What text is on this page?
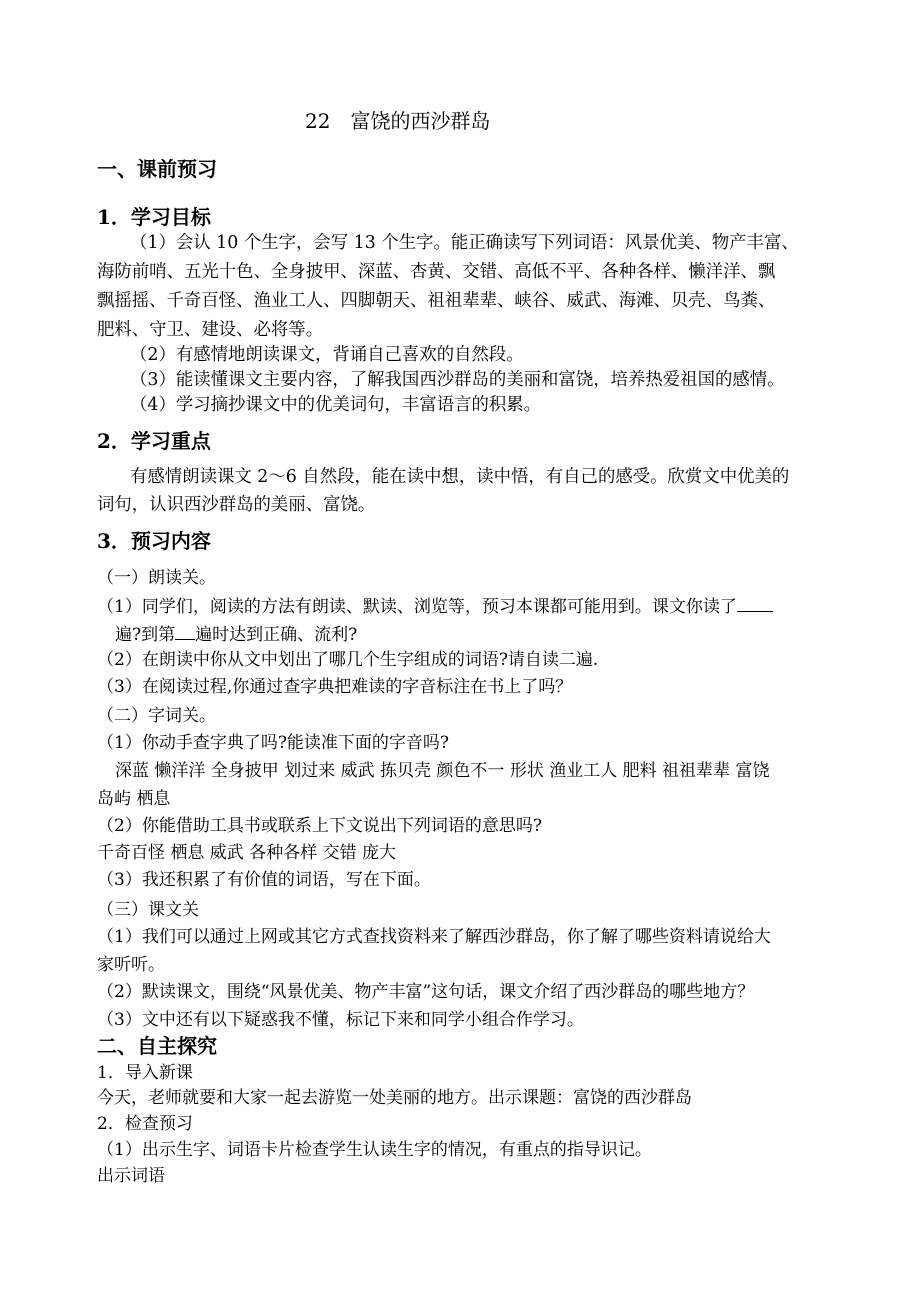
22　富饶的西沙群岛
一、课前预习
1．学习目标
（1）会认 10 个生字，会写 13 个生字。能正确读写下列词语：风景优美、物产丰富、
海防前哨、五光十色、全身披甲、深蓝、杏黄、交错、高低不平、各种各样、懒洋洋、飘
飘摇摇、千奇百怪、渔业工人、四脚朝天、祖祖辈辈、峡谷、威武、海滩、贝壳、鸟粪、
肥料、守卫、建设、必将等。
（2）有感情地朗读课文，背诵自己喜欢的自然段。
（3）能读懂课文主要内容，了解我国西沙群岛的美丽和富饶，培养热爱祖国的感情。
（4）学习摘抄课文中的优美词句，丰富语言的积累。
2．学习重点
有感情朗读课文 2～6 自然段，能在读中想，读中悟，有自己的感受。欣赏文中优美的
词句，认识西沙群岛的美丽、富饶。
3．预习内容
（一）朗读关。
（1）同学们，阅读的方法有朗读、默读、浏览等，预习本课都可能用到。课文你读了
遍?到第 遍时达到正确、流利?
（2）在朗读中你从文中划出了哪几个生字组成的词语?请自读二遍.
（3）在阅读过程,你通过查字典把难读的字音标注在书上了吗？
（二）字词关。
（1）你动手查字典了吗?能读准下面的字音吗?
深蓝 懒洋洋 全身披甲 划过来 威武 拣贝壳 颜色不一 形状 渔业工人 肥料 祖祖辈辈 富饶
岛屿 栖息
（2）你能借助工具书或联系上下文说出下列词语的意思吗?
千奇百怪 栖息 威武 各种各样 交错 庞大
（3）我还积累了有价值的词语，写在下面。
（三）课文关
（1）我们可以通过上网或其它方式查找资料来了解西沙群岛，你了解了哪些资料请说给大
家听听。
（2）默读课文，围绕“风景优美、物产丰富”这句话，课文介绍了西沙群岛的哪些地方？
（3）文中还有以下疑惑我不懂，标记下来和同学小组合作学习。
二、自主探究
1．导入新课
今天，老师就要和大家一起去游览一处美丽的地方。出示课题：富饶的西沙群岛
2．检查预习
（1）出示生字、词语卡片检查学生认读生字的情况，有重点的指导识记。
出示词语
